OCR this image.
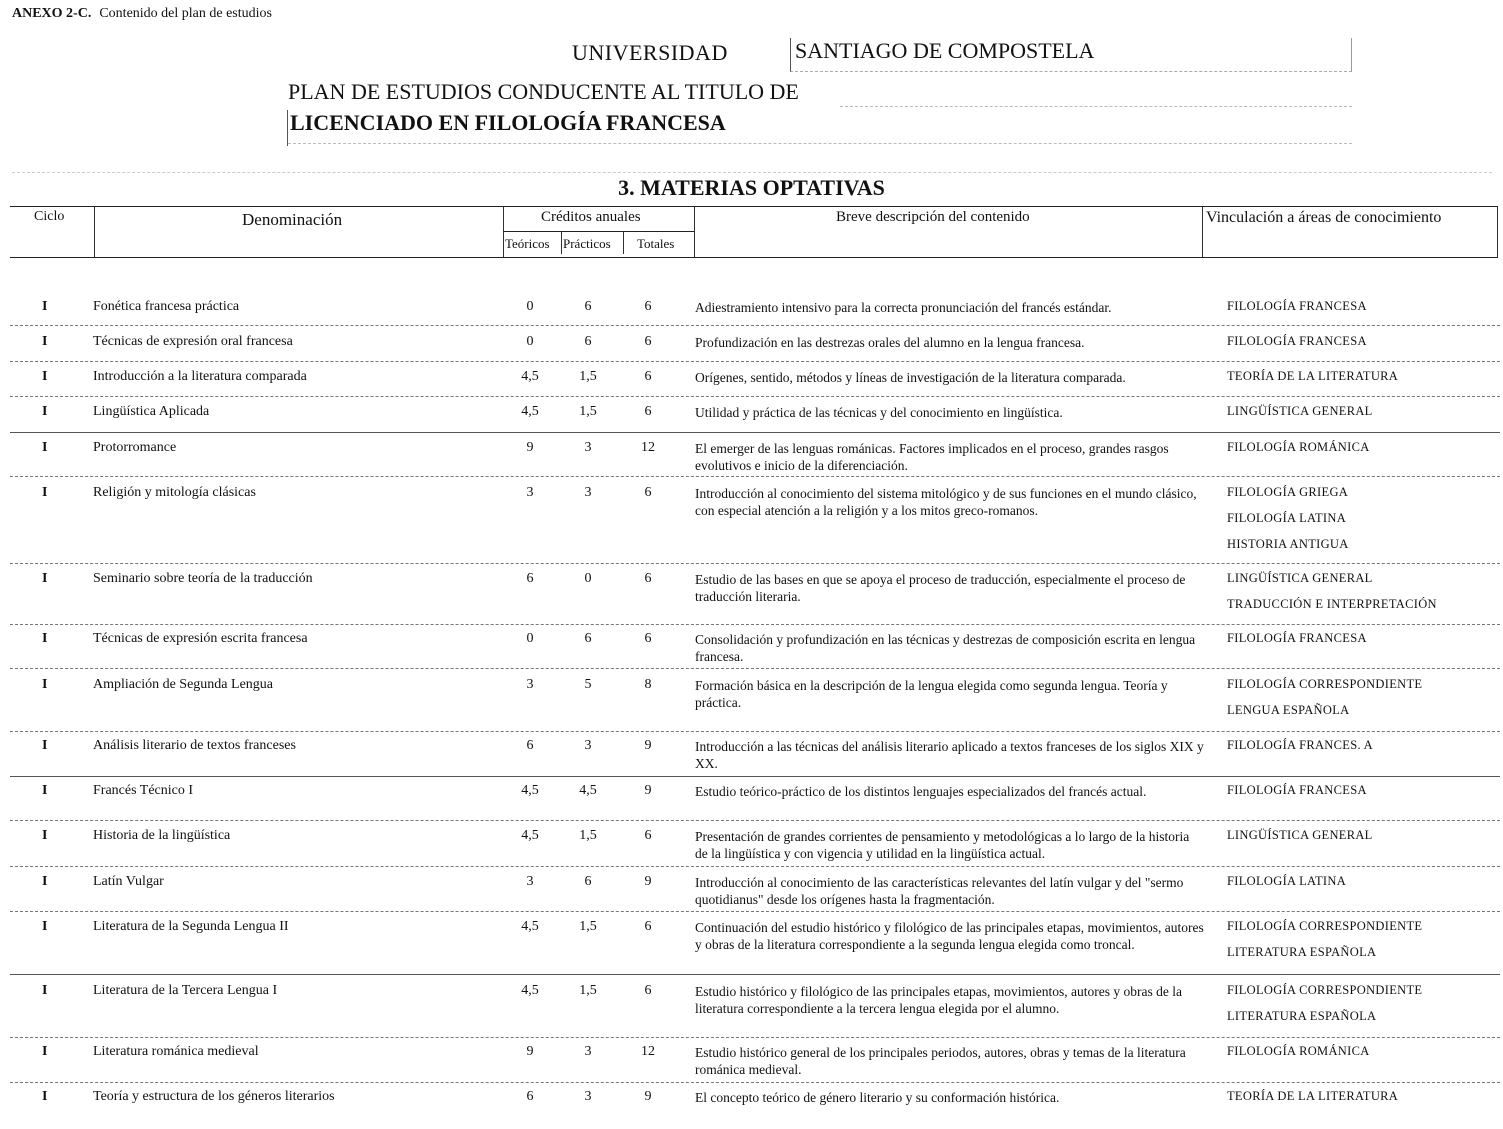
ANEXO 2-C. Contenido del plan de estudios
UNIVERSIDAD	SANTIAGO DE COMPOSTELA
PLAN DE ESTUDIOS CONDUCENTE AL TITULO DE
LICENCIADO EN FILOLOGÍA FRANCESA
3. MATERIAS OPTATIVAS
Ciclo	Denominación	Créditos anuales
Teóricos Prácticos Totales
Breve descripción del contenido	Vinculación a áreas de conocimiento
I	Fonética francesa práctica	0	6	6	Adiestramiento intensivo para la correcta pronunciación del francés estándar.	FILOLOGÍA FRANCESA
I	Técnicas de expresión oral francesa	0	6	6	Profundización en las destrezas orales del alumno en la lengua francesa.	FILOLOGÍA FRANCESA
I	Introducción a la literatura comparada	4,5	1,5	6	Orígenes, sentido, métodos y líneas de investigación de la literatura comparada.	TEORÍA DE LA LITERATURA
I	Lingüística Aplicada	4,5	1,5	6	Utilidad y práctica de las técnicas y del conocimiento en lingüística.	LINGÜÍSTICA GENERAL
I	Protorromance	9	3	12	El emerger de las lenguas románicas. Factores implicados en el proceso, grandes rasgos evolutivos e inicio de la diferenciación.
FILOLOGÍA ROMÁNICA
I	Religión y mitología clásicas	3	3	6	Introducción al conocimiento del sistema mitológico y de sus funciones en el mundo clásico, con especial atención a la religión y a los mitos greco-romanos.
FILOLOGÍA GRIEGA
FILOLOGÍA LATINA
HISTORIA ANTIGUA
I	Seminario sobre teoría de la traducción	6	0	6	Estudio de las bases en que se apoya el proceso de traducción, especialmente el proceso de traducción literaria.
LINGÜÍSTICA GENERAL
TRADUCCIÓN E INTERPRETACIÓN
I	Técnicas de expresión escrita francesa	0	6	6	Consolidación y profundización en las técnicas y destrezas de composición escrita en lengua francesa.
FILOLOGÍA FRANCESA
I	Ampliación de Segunda Lengua	3	5	8	Formación básica en la descripción de la lengua elegida como segunda lengua. Teoría y práctica.
FILOLOGÍA CORRESPONDIENTE
LENGUA ESPAÑOLA
I	Análisis literario de textos franceses	6	3	9	Introducción a las técnicas del análisis literario aplicado a textos franceses de los siglos XIX y XX.
FILOLOGÍA FRANCES. A
I	Francés Técnico I	4,5	4,5	9	Estudio teórico-práctico de los distintos lenguajes especializados del francés actual.	FILOLOGÍA FRANCESA
I	Historia de la lingüística	4,5	1,5	6	Presentación de grandes corrientes de pensamiento y metodológicas a lo largo de la historia de la lingüística y con vigencia y utilidad en la lingüística actual.
LINGÜÍSTICA GENERAL
I	Latín Vulgar	3	6	9	Introducción al conocimiento de las características relevantes del latín vulgar y del "sermo quotidianus" desde los orígenes hasta la fragmentación.
FILOLOGÍA LATINA
I	Literatura de la Segunda Lengua II	4,5	1,5	6	Continuación del estudio histórico y filológico de las principales etapas, movimientos, autores y obras de la literatura correspondiente a la segunda lengua elegida como troncal.
FILOLOGÍA CORRESPONDIENTE
LITERATURA ESPAÑOLA
I	Literatura de la Tercera Lengua I	4,5	1,5	6	Estudio histórico y filológico de las principales etapas, movimientos, autores y obras de la literatura correspondiente a la tercera lengua elegida por el alumno.
FILOLOGÍA CORRESPONDIENTE
LITERATURA ESPAÑOLA
I	Literatura románica medieval	9	3	12	Estudio histórico general de los principales periodos, autores, obras y temas de la literatura románica medieval.
FILOLOGÍA ROMÁNICA
I	Teoría y estructura de los géneros literarios	6	3	9	El concepto teórico de género literario y su conformación histórica.	TEORÍA DE LA LITERATURA
